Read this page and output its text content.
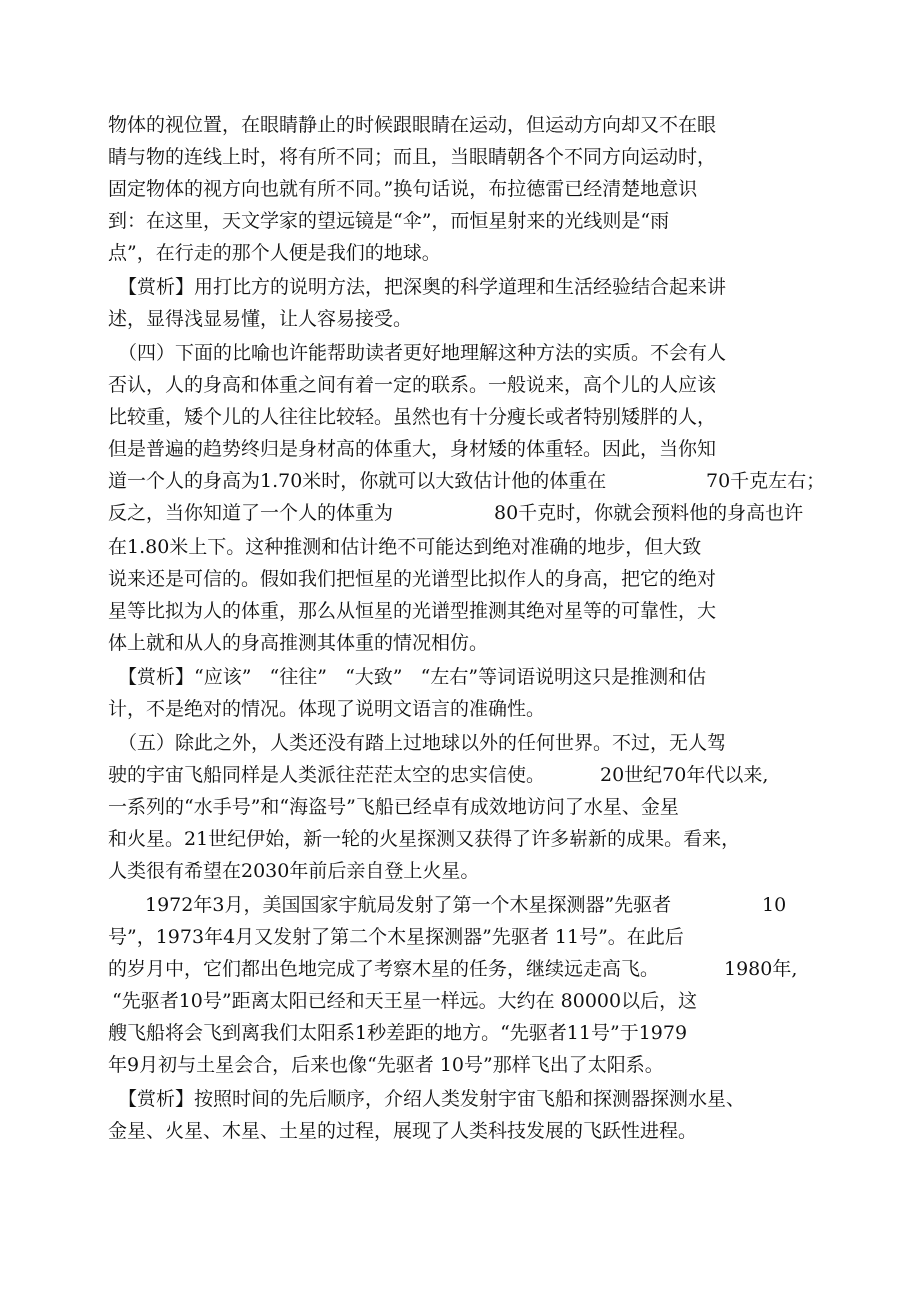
物体的视位置，在眼睛静止的时候跟眼睛在运动，但运动方向却又不在眼
睛与物的连线上时，将有所不同；而且，当眼睛朝各个不同方向运动时，
固定物体的视方向也就有所不同。”换句话说，布拉德雷已经清楚地意识
到：在这里，天文学家的望远镜是“伞”，而恒星射来的光线则是“雨
点”，在行走的那个人便是我们的地球。
【赏析】用打比方的说明方法，把深奥的科学道理和生活经验结合起来讲
述，显得浅显易懂，让人容易接受。
（四）下面的比喻也许能帮助读者更好地理解这种方法的实质。不会有人
否认，人的身高和体重之间有着一定的联系。一般说来，高个儿的人应该
比较重，矮个儿的人往往比较轻。虽然也有十分瘦长或者特别矮胖的人，
但是普遍的趋势终归是身材高的体重大，身材矮的体重轻。因此，当你知
道一个人的身高为1.70米时，你就可以大致估计他的体重在	70千克左右；
反之，当你知道了一个人的体重为	80千克时，你就会预料他的身高也许
在1.80米上下。这种推测和估计绝不可能达到绝对准确的地步，但大致
说来还是可信的。假如我们把恒星的光谱型比拟作人的身高，把它的绝对
星等比拟为人的体重，那么从恒星的光谱型推测其绝对星等的可靠性，大
体上就和从人的身高推测其体重的情况相仿。
【赏析】“应该”   “往往”   “大致”   “左右”等词语说明这只是推测和估
计，不是绝对的情况。体现了说明文语言的准确性。
（五）除此之外，人类还没有踏上过地球以外的任何世界。不过，无人驾
驶的宇宙飞船同样是人类派往茫茫太空的忠实信使。	20世纪70年代以来,
一系列的“水手号”和“海盗号”飞船已经卓有成效地访问了水星、金星
和火星。21世纪伊始，新一轮的火星探测又获得了许多崭新的成果。看来，
人类很有希望在2030年前后亲自登上火星。
1972年3月，美国国家宇航局发射了第一个木星探测器”先驱者	10
号”，1973年4月又发射了第二个木星探测器”先驱者 11号”。在此后
的岁月中，它们都出色地完成了考察木星的任务，继续远走高飞。	1980年,
“先驱者10号”距离太阳已经和天王星一样远。大约在 80000以后，这
艘飞船将会飞到离我们太阳系1秒差距的地方。“先驱者11号”于1979
年9月初与土星会合，后来也像“先驱者 10号”那样飞出了太阳系。
【赏析】按照时间的先后顺序，介绍人类发射宇宙飞船和探测器探测水星、
金星、火星、木星、土星的过程，展现了人类科技发展的飞跃性进程。
